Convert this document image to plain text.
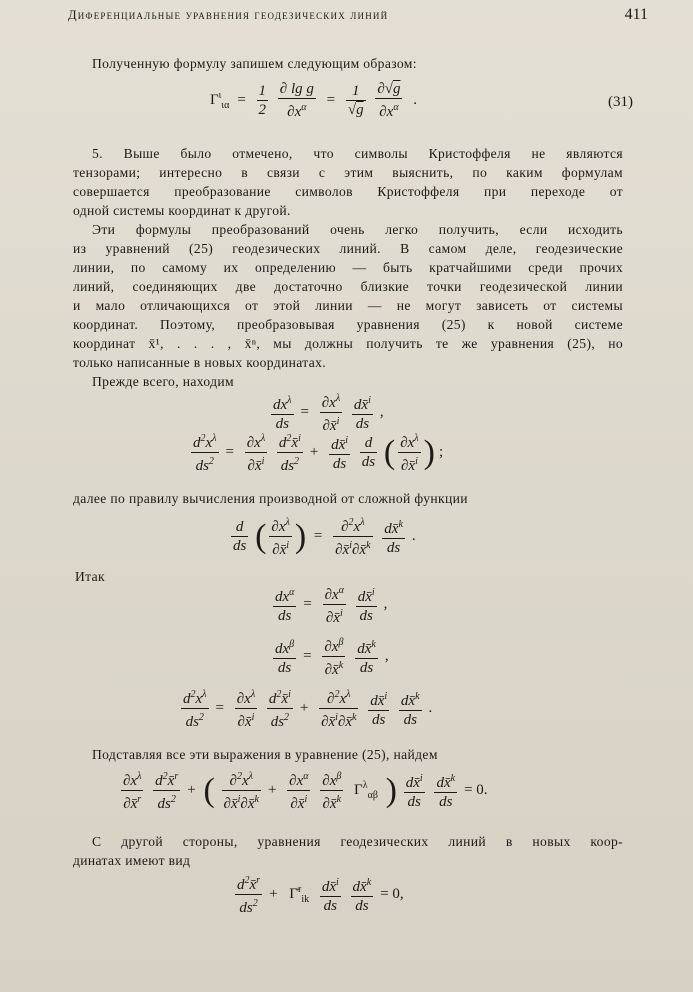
Диференциальные уравнения геодезических линий	411
Полученную формулу запишем следующим образом:
$\Gamma^\iota_{\iota\alpha} = \frac{1}{2}$
$\frac{\text{∂ lg g}}{\partial x^\alpha} = \frac{1}{√g}$
$\frac{\partial√g}{\partial x^\alpha}$ .	(31)
5. Выше было отмечено, что символы Кристоффеля не являются
тензорами; интересно в связи с этим выяснить, по каким формулам
совершается преобразование символов Кристоффеля при переходе от
одной системы координат к другой.
Эти формулы преобразований очень легко получить, если исходить
из уравнений (25) геодезических линий. В самом деле, геодезические
линии, по самому их определению — быть кратчайшими среди прочих
линий, соединяющих две достаточно близкие точки геодезической линии
и мало отличающихся от этой линии — не могут зависеть от системы
координат. Поэтому, преобразовывая уравнения (25) к новой системе
координат x̄¹, . . . , x̄ⁿ, мы должны получить те же уравнения (25), но
только написанные в новых координатах.
Прежде всего, находим
$\frac{dx^\lambda}{ds} = \frac{\partial x^\lambda}{\partial x̄^i}$
$\frac{dx̄^i}{ds}$ ,
$\frac{d^2x^\lambda}{ds^2} = \frac{\partial x^\lambda}{\partial x̄^i}$
$\frac{d^2x̄^i}{ds^2} + \frac{dx̄^i}{ds}$
$\frac{d}{ds}$ ( $\frac{\partial x^\lambda}{\partial x̄^i}$ ) ;
далее по правилу вычисления производной от сложной функции
$\frac{d}{ds}$ ( $\frac{\partial x^\lambda}{\partial x̄^i}$ ) = $\frac{\partial^2x^\lambda}{\partial x̄^i\partial x̄^k}$
$\frac{dx̄^k}{ds}$ .
Итак
$\frac{dx^\alpha}{ds} = \frac{\partial x^\alpha}{\partial x̄^i}$
$\frac{dx̄^i}{ds}$ ,
$\frac{dx^\beta}{ds} = \frac{\partial x^\beta}{\partial x̄^k}$
$\frac{dx̄^k}{ds}$ ,
$\frac{d^2x^\lambda}{ds^2} = \frac{\partial x^\lambda}{\partial x̄^i}$
$\frac{d^2x̄^i}{ds^2} + \frac{\partial^2x^\lambda}{\partial x̄^i\partial x̄^k}$
$\frac{dx̄^i}{ds}$
$\frac{dx̄^k}{ds}$ .
Подставляя все эти выражения в уравнение (25), найдем
$\frac{\partial x^\lambda}{\partial x̄^r}$
$\frac{d^2x̄^r}{ds^2}$ + ( $\frac{\partial^2x^\lambda}{\partial x̄^i\partial x̄^k} + \frac{\partial x^\alpha}{\partial x̄^i}$
$\frac{\partial x^\beta}{\partial x̄^k} \Gamma^\lambda_{\alpha\beta}$ ) $\frac{dx̄^i}{ds}$
$\frac{dx̄^k}{ds} = 0$.
С другой стороны, уравнения геодезических линий в новых коор-
динатах имеют вид
$\frac{d^2x̄^r}{ds^2}$ + Γ̄$^r_{ik}$ $\frac{dx̄^i}{ds}$
$\frac{dx̄^k}{ds} = 0$,
